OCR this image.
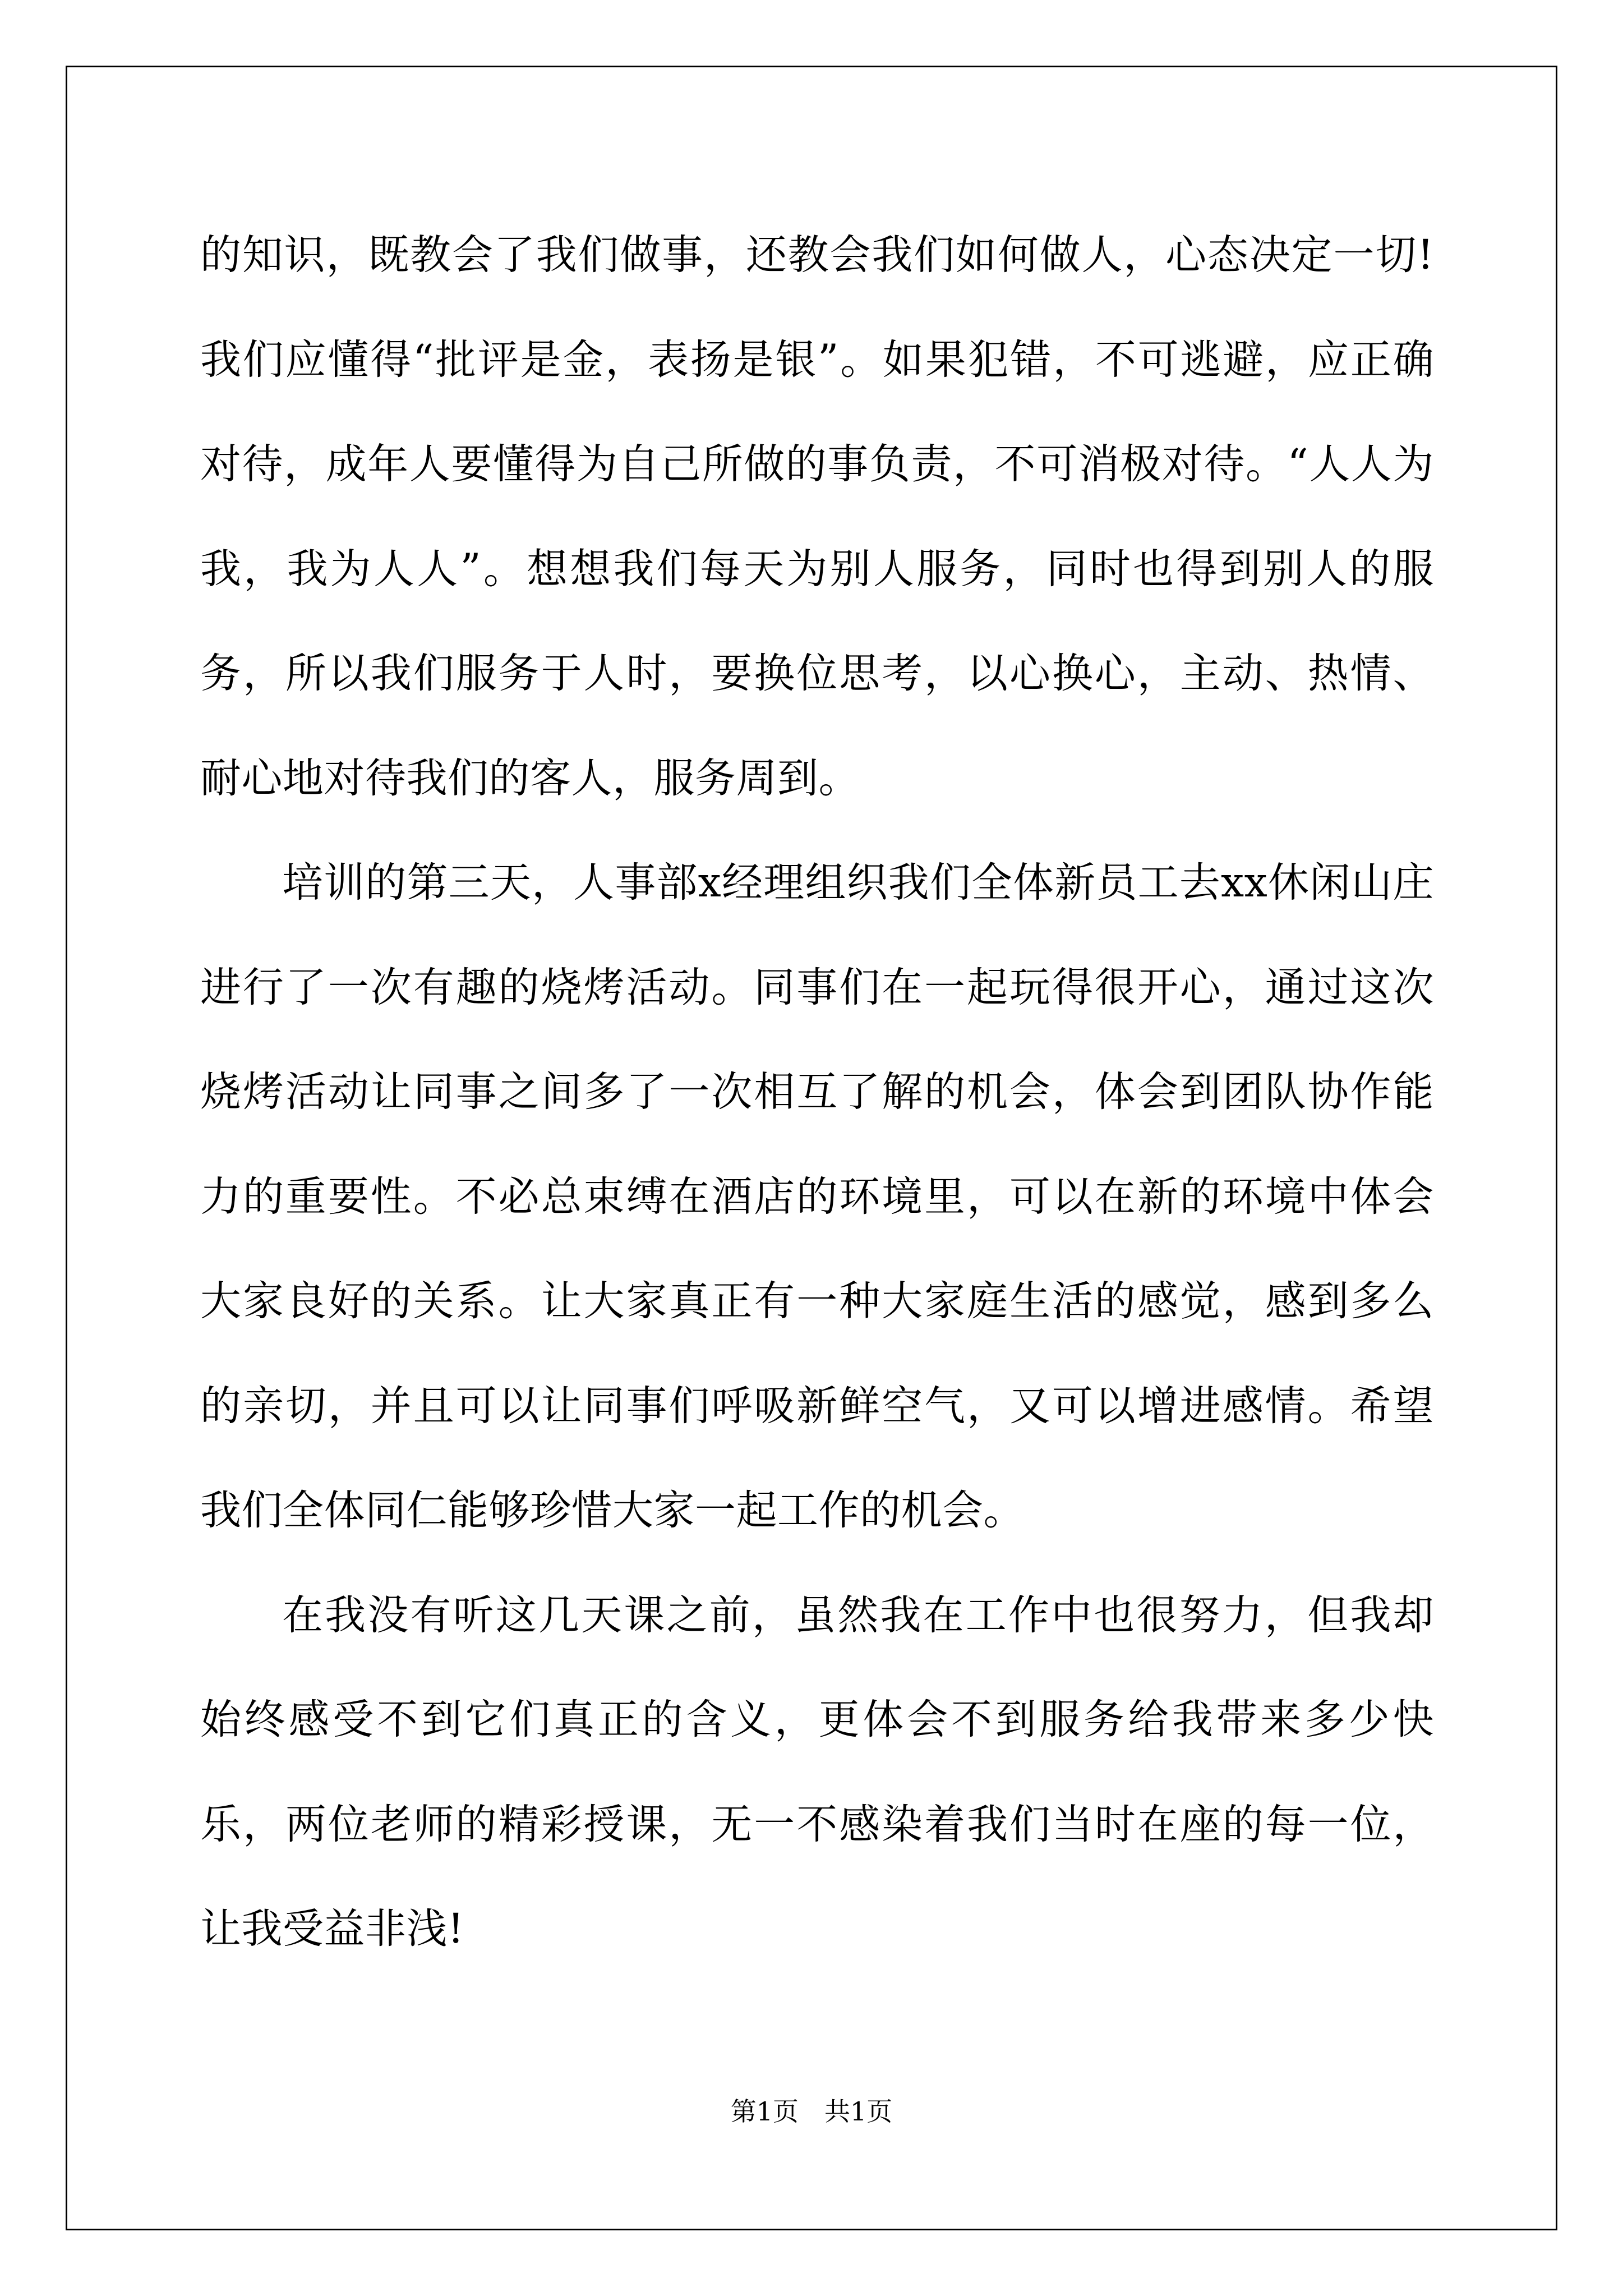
的知识，既教会了我们做事，还教会我们如何做人，心态决定一切!我们应懂得“批评是金，表扬是银”。如果犯错，不可逃避，应正确对待，成年人要懂得为自己所做的事负责，不可消极对待。“人人为我，我为人人”。想想我们每天为别人服务，同时也得到别人的服务，所以我们服务于人时，要换位思考，以心换心，主动、热情、耐心地对待我们的客人，服务周到。

培训的第三天，人事部x经理组织我们全体新员工去xx休闲山庄进行了一次有趣的烧烤活动。同事们在一起玩得很开心，通过这次烧烤活动让同事之间多了一次相互了解的机会，体会到团队协作能力的重要性。不必总束缚在酒店的环境里，可以在新的环境中体会大家良好的关系。让大家真正有一种大家庭生活的感觉，感到多么的亲切，并且可以让同事们呼吸新鲜空气，又可以增进感情。希望我们全体同仁能够珍惜大家一起工作的机会。

在我没有听这几天课之前，虽然我在工作中也很努力，但我却始终感受不到它们真正的含义，更体会不到服务给我带来多少快乐，两位老师的精彩授课，无一不感染着我们当时在座的每一位，让我受益非浅!

第1页 共1页
